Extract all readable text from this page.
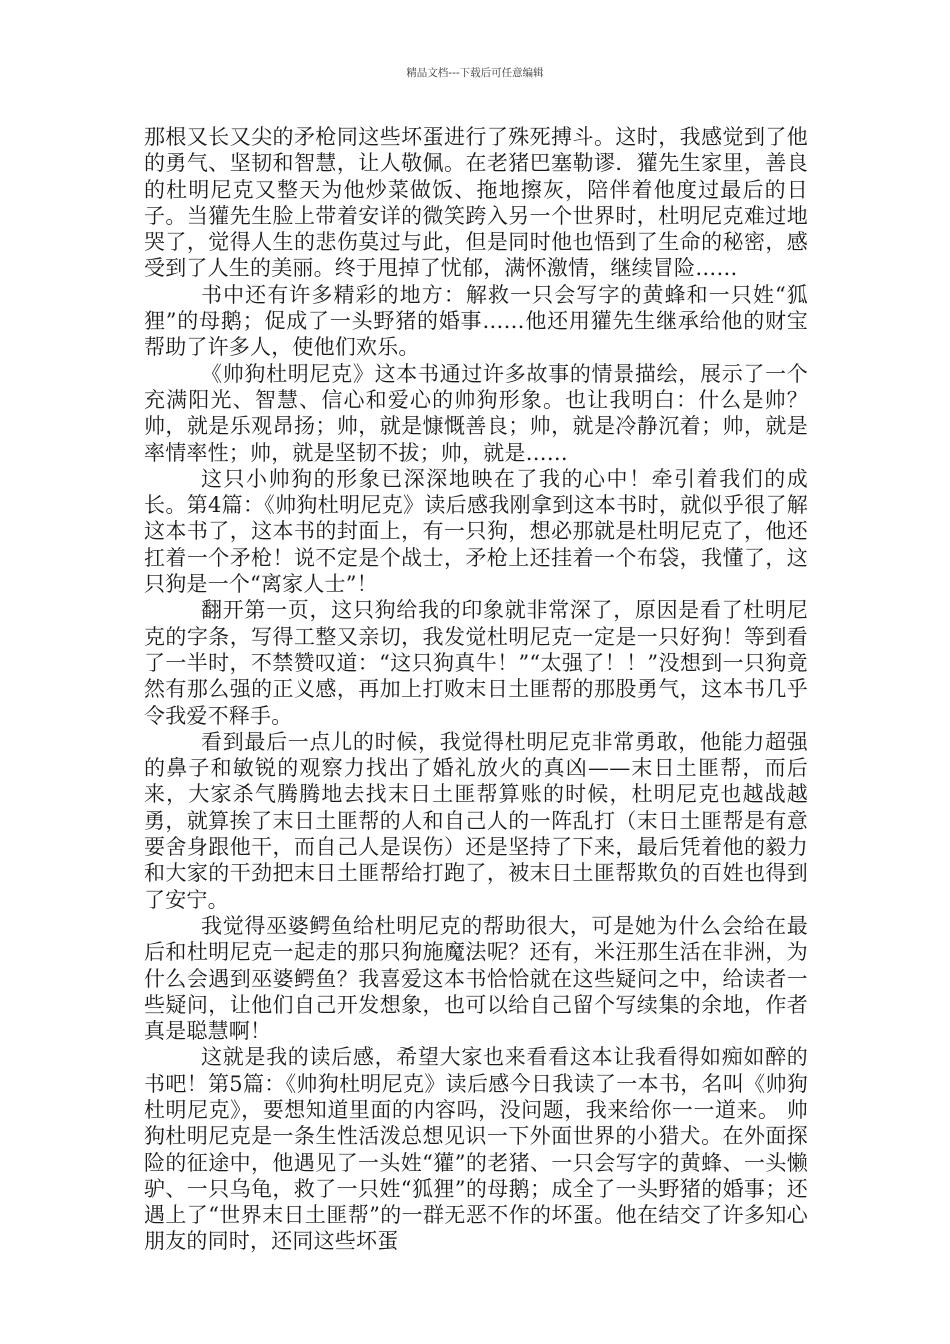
精品文档---下载后可任意编辑

那根又长又尖的矛枪同这些坏蛋进行了殊死搏斗。这时，我感觉到了他的勇气、坚韧和智慧，让人敬佩。在老猪巴塞勒谬．獾先生家里，善良的杜明尼克又整天为他炒菜做饭、拖地擦灰，陪伴着他度过最后的日子。当獾先生脸上带着安详的微笑跨入另一个世界时，杜明尼克难过地哭了，觉得人生的悲伤莫过与此，但是同时他也悟到了生命的秘密，感受到了人生的美丽。终于甩掉了忧郁，满怀激情，继续冒险……

书中还有许多精彩的地方：解救一只会写字的黄蜂和一只姓“狐狸”的母鹅；促成了一头野猪的婚事……他还用獾先生继承给他的财宝帮助了许多人，使他们欢乐。

《帅狗杜明尼克》这本书通过许多故事的情景描绘，展示了一个充满阳光、智慧、信心和爱心的帅狗形象。也让我明白：什么是帅？帅，就是乐观昂扬；帅，就是慷慨善良；帅，就是冷静沉着；帅，就是率情率性；帅，就是坚韧不拔；帅，就是……

这只小帅狗的形象已深深地映在了我的心中！牵引着我们的成长。第4篇：《帅狗杜明尼克》读后感我刚拿到这本书时，就似乎很了解这本书了，这本书的封面上，有一只狗，想必那就是杜明尼克了，他还扛着一个矛枪！说不定是个战士，矛枪上还挂着一个布袋，我懂了，这只狗是一个“离家人士”！

翻开第一页，这只狗给我的印象就非常深了，原因是看了杜明尼克的字条，写得工整又亲切，我发觉杜明尼克一定是一只好狗！等到看了一半时，不禁赞叹道：“这只狗真牛！”“太强了！！”没想到一只狗竟然有那么强的正义感，再加上打败末日土匪帮的那股勇气，这本书几乎令我爱不释手。

看到最后一点儿的时候，我觉得杜明尼克非常勇敢，他能力超强的鼻子和敏锐的观察力找出了婚礼放火的真凶——末日土匪帮，而后来，大家杀气腾腾地去找末日土匪帮算账的时候，杜明尼克也越战越勇，就算挨了末日土匪帮的人和自己人的一阵乱打（末日土匪帮是有意要舍身跟他干，而自己人是误伤）还是坚持了下来，最后凭着他的毅力和大家的干劲把末日土匪帮给打跑了，被末日土匪帮欺负的百姓也得到了安宁。

我觉得巫婆鳄鱼给杜明尼克的帮助很大，可是她为什么会给在最后和杜明尼克一起走的那只狗施魔法呢？还有，米汪那生活在非洲，为什么会遇到巫婆鳄鱼？我喜爱这本书恰恰就在这些疑问之中，给读者一些疑问，让他们自己开发想象，也可以给自己留个写续集的余地，作者真是聪慧啊！

这就是我的读后感，希望大家也来看看这本让我看得如痴如醉的书吧！第5篇：《帅狗杜明尼克》读后感今日我读了一本书，名叫《帅狗杜明尼克》，要想知道里面的内容吗，没问题，我来给你一一道来。 帅狗杜明尼克是一条生性活泼总想见识一下外面世界的小猎犬。在外面探险的征途中，他遇见了一头姓“獾”的老猪、一只会写字的黄蜂、一头懒驴、一只乌龟，救了一只姓“狐狸”的母鹅；成全了一头野猪的婚事；还遇上了“世界末日土匪帮”的一群无恶不作的坏蛋。他在结交了许多知心朋友的同时，还同这些坏蛋
